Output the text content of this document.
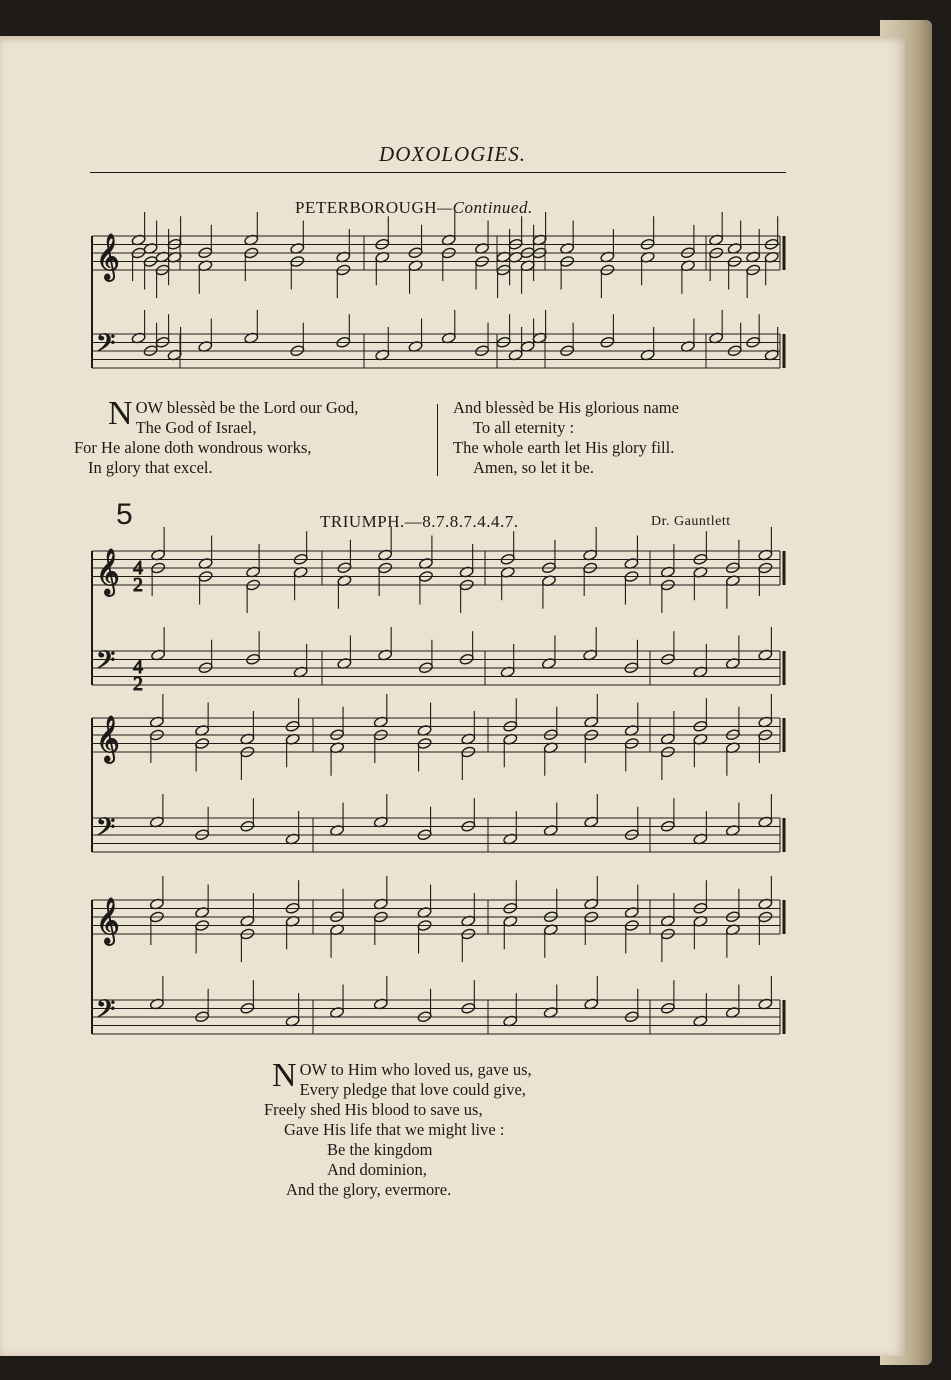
DOXOLOGIES.
PETERBOROUGH—Continued.
𝄞
𝄢
𝄞
𝄢
4
2
4
2
𝄞
𝄢
𝄞
𝄢
N OW blessèd be the Lord our God,
The God of Israel,
For He alone doth wondrous works,
In glory that excel.
And blessèd be His glorious name
To all eternity :
The whole earth let His glory fill.
Amen, so let it be.
5	TRIUMPH.—8.7.8.7.4.4.7.	Dr. Gauntlett
N OW to Him who loved us, gave us,
Every pledge that love could give,
Freely shed His blood to save us,
Gave His life that we might live :
Be the kingdom
And dominion,
And the glory, evermore.
